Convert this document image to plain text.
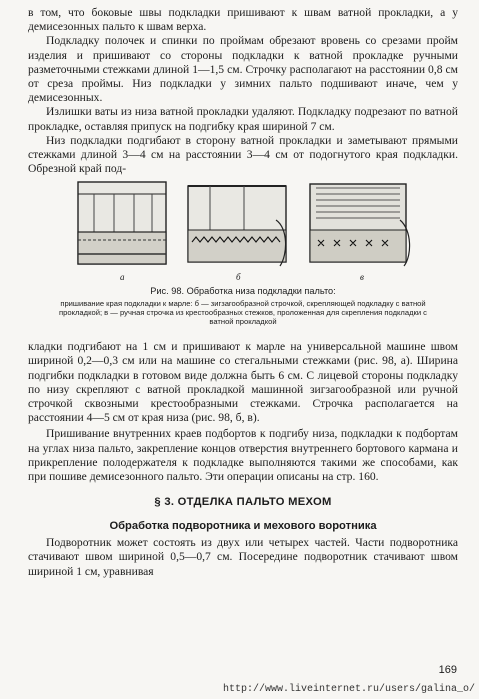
в том, что боковые швы подкладки пришивают к швам ватной прокладки, а у демисезонных пальто к швам верха.

Подкладку полочек и спинки по проймам обрезают вровень со срезами пройм изделия и пришивают со стороны подкладки к ватной прокладке ручными разметочными стежками длиной 1—1,5 см. Строчку располагают на расстоянии 0,8 см от среза проймы. Низ подкладки у зимних пальто подшивают иначе, чем у демисезонных.

Излишки ваты из низа ватной прокладки удаляют. Подкладку подрезают по ватной прокладке, оставляя припуск на подгибку края шириной 7 см.

Низ подкладки подгибают в сторону ватной прокладки и заметывают прямыми стежками длиной 3—4 см на расстоянии 3—4 см от подогнутого края подкладки. Обрезной край под-

а	б	в
Рис. 98. Обработка низа подкладки пальто:
пришивание края подкладки к марле: б — зигзагообразной строчкой, скрепляющей подкладку с ватной прокладкой; в — ручная строчка из крестообразных стежков, проложенная для скрепления подкладки с ватной прокладкой

кладки подгибают на 1 см и пришивают к марле на универсальной машине швом шириной 0,2—0,3 см или на машине со стегальными стежками (рис. 98, а). Ширина подгибки подкладки в готовом виде должна быть 6 см. С лицевой стороны подкладку по низу скрепляют с ватной прокладкой машинной зигзагообразной или ручной строчкой сквозными крестообразными стежками. Строчка располагается на расстоянии 4—5 см от края низа (рис. 98, б, в).

Пришивание внутренних краев подбортов к подгибу низа, подкладки к подбортам на углах низа пальто, закрепление концов отверстия внутреннего бортового кармана и прикрепление полодержателя к подкладке выполняются такими же способами, как при пошиве демисезонного пальто. Эти операции описаны на стр. 160.

§ 3. ОТДЕЛКА ПАЛЬТО МЕХОМ
Обработка подворотника и мехового воротника

Подворотник может состоять из двух или четырех частей. Части подворотника стачивают швом шириной 0,5—0,7 см. Посередине подворотник стачивают швом шириной 1 см, уравнивая

169
http://www.liveinternet.ru/users/galina_o/
